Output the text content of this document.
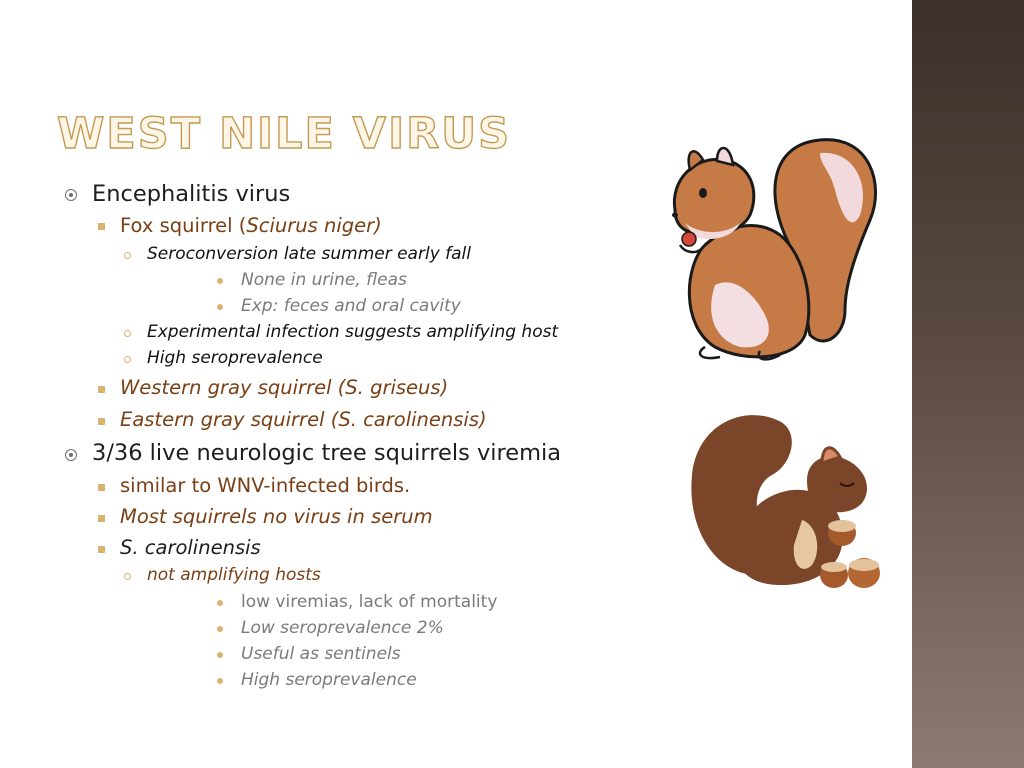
WEST NILE VIRUS
Encephalitis virus
Fox squirrel (Sciurus niger)
Seroconversion late summer early fall
None in urine, fleas
Exp: feces and oral cavity
Experimental infection suggests amplifying host
High seroprevalence
Western gray squirrel (S. griseus)
Eastern gray squirrel (S. carolinensis)
3/36 live neurologic tree squirrels viremia
similar to WNV-infected birds.
Most squirrels no virus in serum
S. carolinensis
not amplifying hosts
low viremias, lack of mortality
Low seroprevalence 2%
Useful as sentinels
High seroprevalence
